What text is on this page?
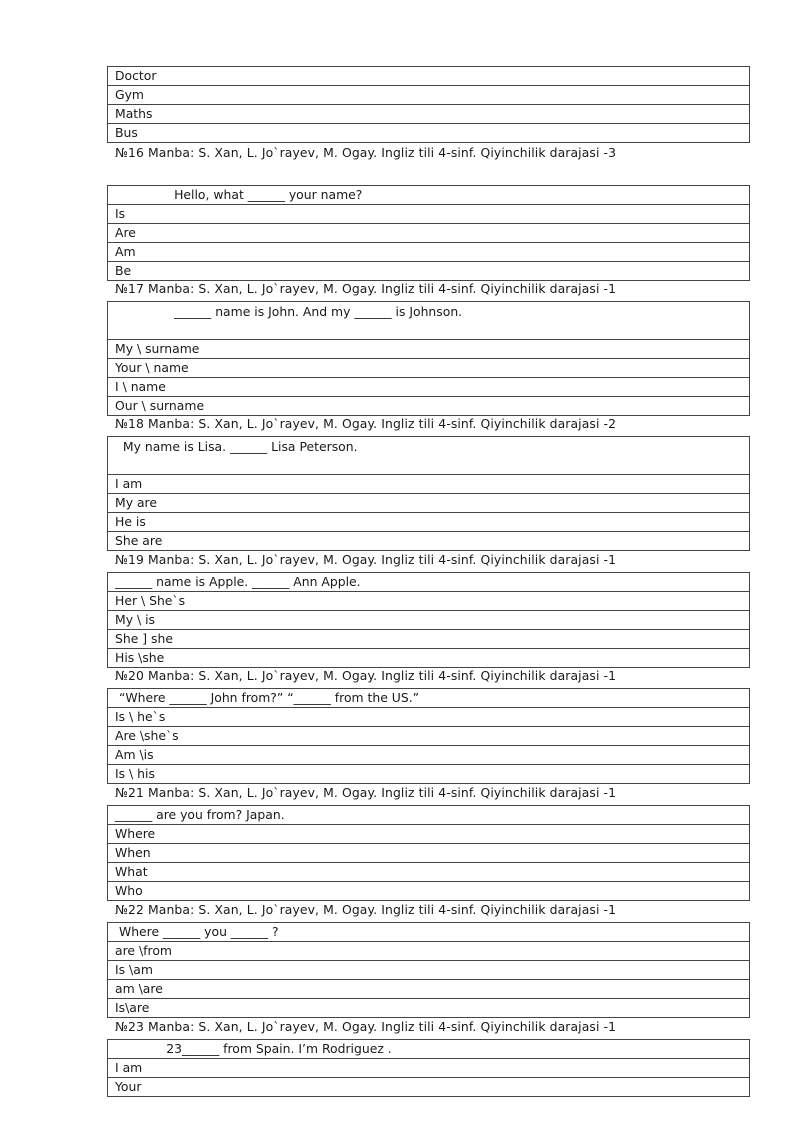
Doctor
Gym
Maths
Bus
№16 Manba: S. Xan, L. Jo`rayev, M. Ogay. Ingliz tili 4-sinf. Qiyinchilik darajasi -3
Hello, what ______ your name?
Is
Are
Am
Be
№17 Manba: S. Xan, L. Jo`rayev, M. Ogay. Ingliz tili 4-sinf. Qiyinchilik darajasi -1
______ name is John. And my ______ is Johnson.
My \ surname
Your \ name
I \ name
Our \ surname
№18 Manba: S. Xan, L. Jo`rayev, M. Ogay. Ingliz tili 4-sinf. Qiyinchilik darajasi -2
My name is Lisa. ______ Lisa Peterson.
I am
My are
He is
She are
№19 Manba: S. Xan, L. Jo`rayev, M. Ogay. Ingliz tili 4-sinf. Qiyinchilik darajasi -1
______ name is Apple. ______ Ann Apple.
Her \ She`s
My \ is
She ] she
His \she
№20 Manba: S. Xan, L. Jo`rayev, M. Ogay. Ingliz tili 4-sinf. Qiyinchilik darajasi -1
“Where ______ John from?” “______ from the US.”
Is \ he`s
Are \she`s
Am \is
Is \ his
№21 Manba: S. Xan, L. Jo`rayev, M. Ogay. Ingliz tili 4-sinf. Qiyinchilik darajasi -1
______ are you from? Japan.
Where
When
What
Who
№22 Manba: S. Xan, L. Jo`rayev, M. Ogay. Ingliz tili 4-sinf. Qiyinchilik darajasi -1
Where ______ you ______ ?
are \from
Is \am
am \are
Is\are
№23 Manba: S. Xan, L. Jo`rayev, M. Ogay. Ingliz tili 4-sinf. Qiyinchilik darajasi -1
23______ from Spain. I’m Rodriguez .
I am
Your
